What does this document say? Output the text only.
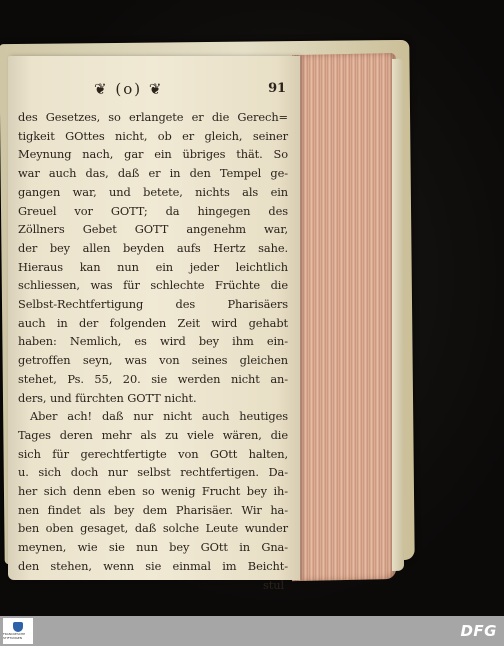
❦ (o) ❦	91
des Gesetzes, so erlangete er die Gerech=
tigkeit GOttes nicht, ob er gleich, seiner
Meynung nach, gar ein übriges thät. So
war auch das, daß er in den Tempel ge-
gangen war, und betete, nichts als ein
Greuel vor GOTT; da hingegen des
Zöllners Gebet GOTT angenehm war,
der bey allen beyden aufs Hertz sahe.
Hieraus kan nun ein jeder leichtlich
schliessen, was für schlechte Früchte die
Selbst-Rechtfertigung des Pharisäers
auch in der folgenden Zeit wird gehabt
haben: Nemlich, es wird bey ihm ein-
getroffen seyn, was von seines gleichen
stehet, Ps. 55, 20. sie werden nicht an-
ders, und fürchten GOTT nicht.
Aber ach! daß nur nicht auch heutiges
Tages deren mehr als zu viele wären, die
sich für gerechtfertigte von GOtt halten,
u. sich doch nur selbst rechtfertigen. Da-
her sich denn eben so wenig Frucht bey ih-
nen findet als bey dem Pharisäer. Wir ha-
ben oben gesaget, daß solche Leute wunder
meynen, wie sie nun bey GOtt in Gna-
den stehen, wenn sie einmal im Beicht-
stul
FRANCKESCHE STIFTUNGEN	DFG
